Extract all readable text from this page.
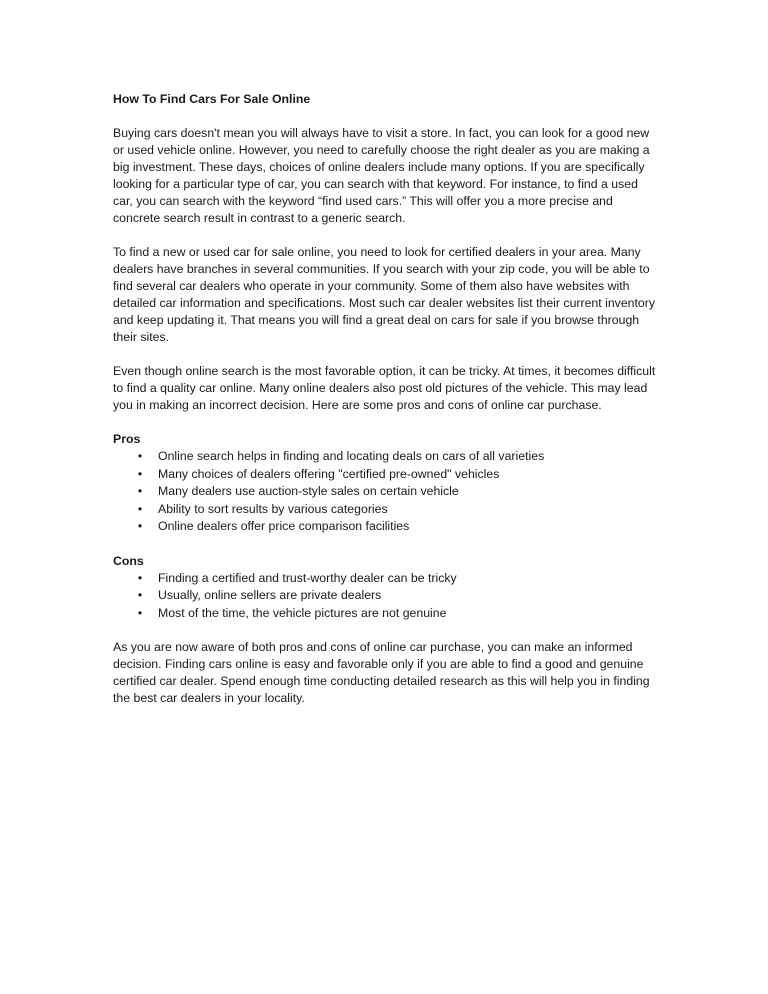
How To Find Cars For Sale Online

Buying cars doesn't mean you will always have to visit a store. In fact, you can look for a good new or used vehicle online. However, you need to carefully choose the right dealer as you are making a big investment. These days, choices of online dealers include many options. If you are specifically looking for a particular type of car, you can search with that keyword. For instance, to find a used car, you can search with the keyword “find used cars.” This will offer you a more precise and concrete search result in contrast to a generic search.

To find a new or used car for sale online, you need to look for certified dealers in your area. Many dealers have branches in several communities. If you search with your zip code, you will be able to find several car dealers who operate in your community. Some of them also have websites with detailed car information and specifications. Most such car dealer websites list their current inventory and keep updating it. That means you will find a great deal on cars for sale if you browse through their sites.

Even though online search is the most favorable option, it can be tricky. At times, it becomes difficult to find a quality car online. Many online dealers also post old pictures of the vehicle. This may lead you in making an incorrect decision. Here are some pros and cons of online car purchase.

Pros
• Online search helps in finding and locating deals on cars of all varieties
• Many choices of dealers offering "certified pre-owned" vehicles
• Many dealers use auction-style sales on certain vehicle
• Ability to sort results by various categories
• Online dealers offer price comparison facilities
Cons
• Finding a certified and trust-worthy dealer can be tricky
• Usually, online sellers are private dealers
• Most of the time, the vehicle pictures are not genuine

As you are now aware of both pros and cons of online car purchase, you can make an informed decision. Finding cars online is easy and favorable only if you are able to find a good and genuine certified car dealer. Spend enough time conducting detailed research as this will help you in finding the best car dealers in your locality.
